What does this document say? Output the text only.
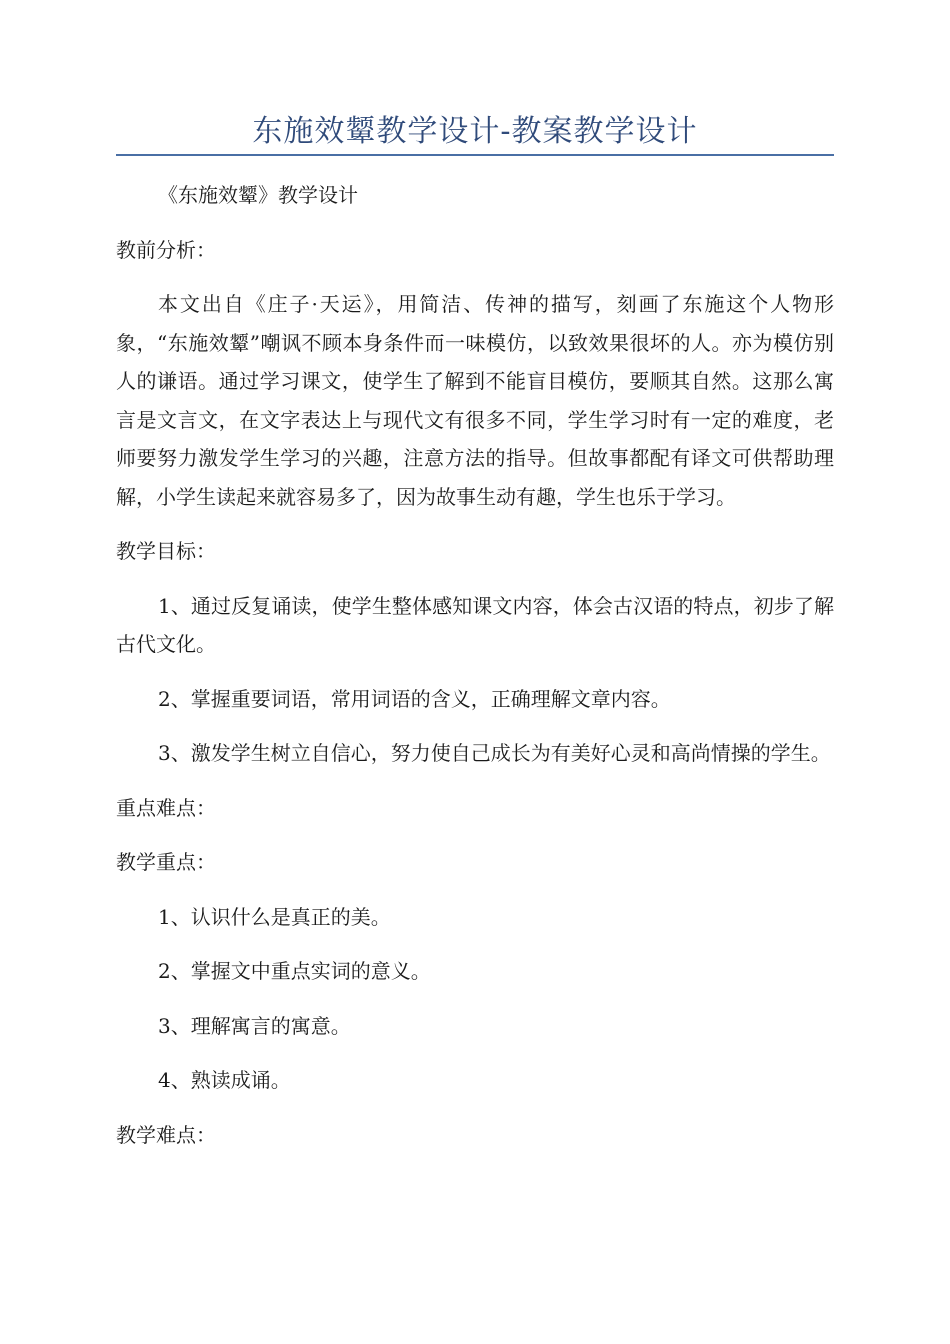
东施效颦教学设计-教案教学设计

《东施效颦》教学设计

教前分析：

本文出自《庄子·天运》，用简洁、传神的描写，刻画了东施这个人物形象，“东施效颦”嘲讽不顾本身条件而一味模仿，以致效果很坏的人。亦为模仿别人的谦语。通过学习课文，使学生了解到不能盲目模仿，要顺其自然。这那么寓言是文言文，在文字表达上与现代文有很多不同，学生学习时有一定的难度，老师要努力激发学生学习的兴趣，注意方法的指导。但故事都配有译文可供帮助理解，小学生读起来就容易多了，因为故事生动有趣，学生也乐于学习。

教学目标：

1、通过反复诵读，使学生整体感知课文内容，体会古汉语的特点，初步了解古代文化。

2、掌握重要词语，常用词语的含义，正确理解文章内容。

3、激发学生树立自信心，努力使自己成长为有美好心灵和高尚情操的学生。

重点难点：

教学重点：

1、认识什么是真正的美。

2、掌握文中重点实词的意义。

3、理解寓言的寓意。

4、熟读成诵。

教学难点：
